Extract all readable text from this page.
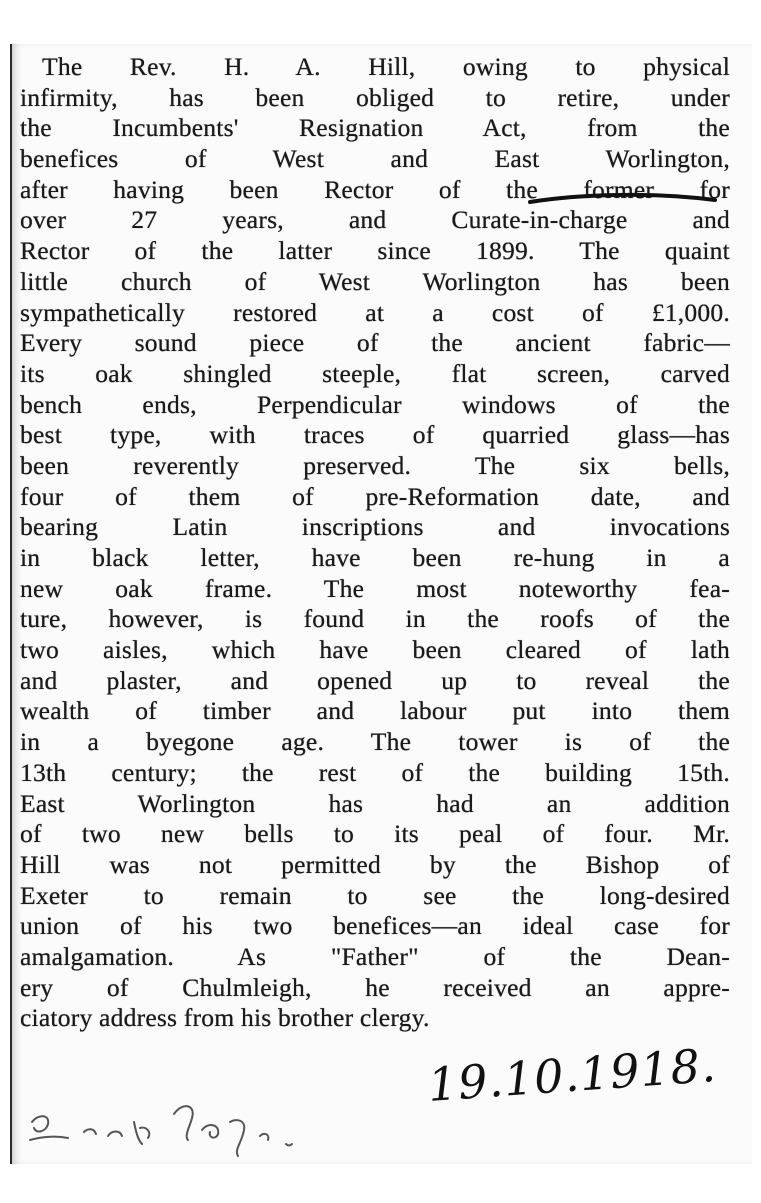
The Rev. H. A. Hill, owing to physical
infirmity, has been obliged to retire, under
the Incumbents' Resignation Act, from the
benefices of West and East Worlington,
after having been Rector of the former for
over 27 years, and Curate-in-charge and
Rector of the latter since 1899. The quaint
little church of West Worlington has been
sympathetically restored at a cost of £1,000.
Every sound piece of the ancient fabric—
its oak shingled steeple, flat screen, carved
bench ends, Perpendicular windows of the
best type, with traces of quarried glass—has
been reverently preserved. The six bells,
four of them of pre-Reformation date, and
bearing Latin inscriptions and invocations
in black letter, have been re-hung in a
new oak frame. The most noteworthy fea-
ture, however, is found in the roofs of the
two aisles, which have been cleared of lath
and plaster, and opened up to reveal the
wealth of timber and labour put into them
in a byegone age. The tower is of the
13th century; the rest of the building 15th.
East Worlington has had an addition
of two new bells to its peal of four. Mr.
Hill was not permitted by the Bishop of
Exeter to remain to see the long-desired
union of his two benefices—an ideal case for
amalgamation. As "Father" of the Dean-
ery of Chulmleigh, he received an appre-
ciatory address from his brother clergy.
19.10.1918.
